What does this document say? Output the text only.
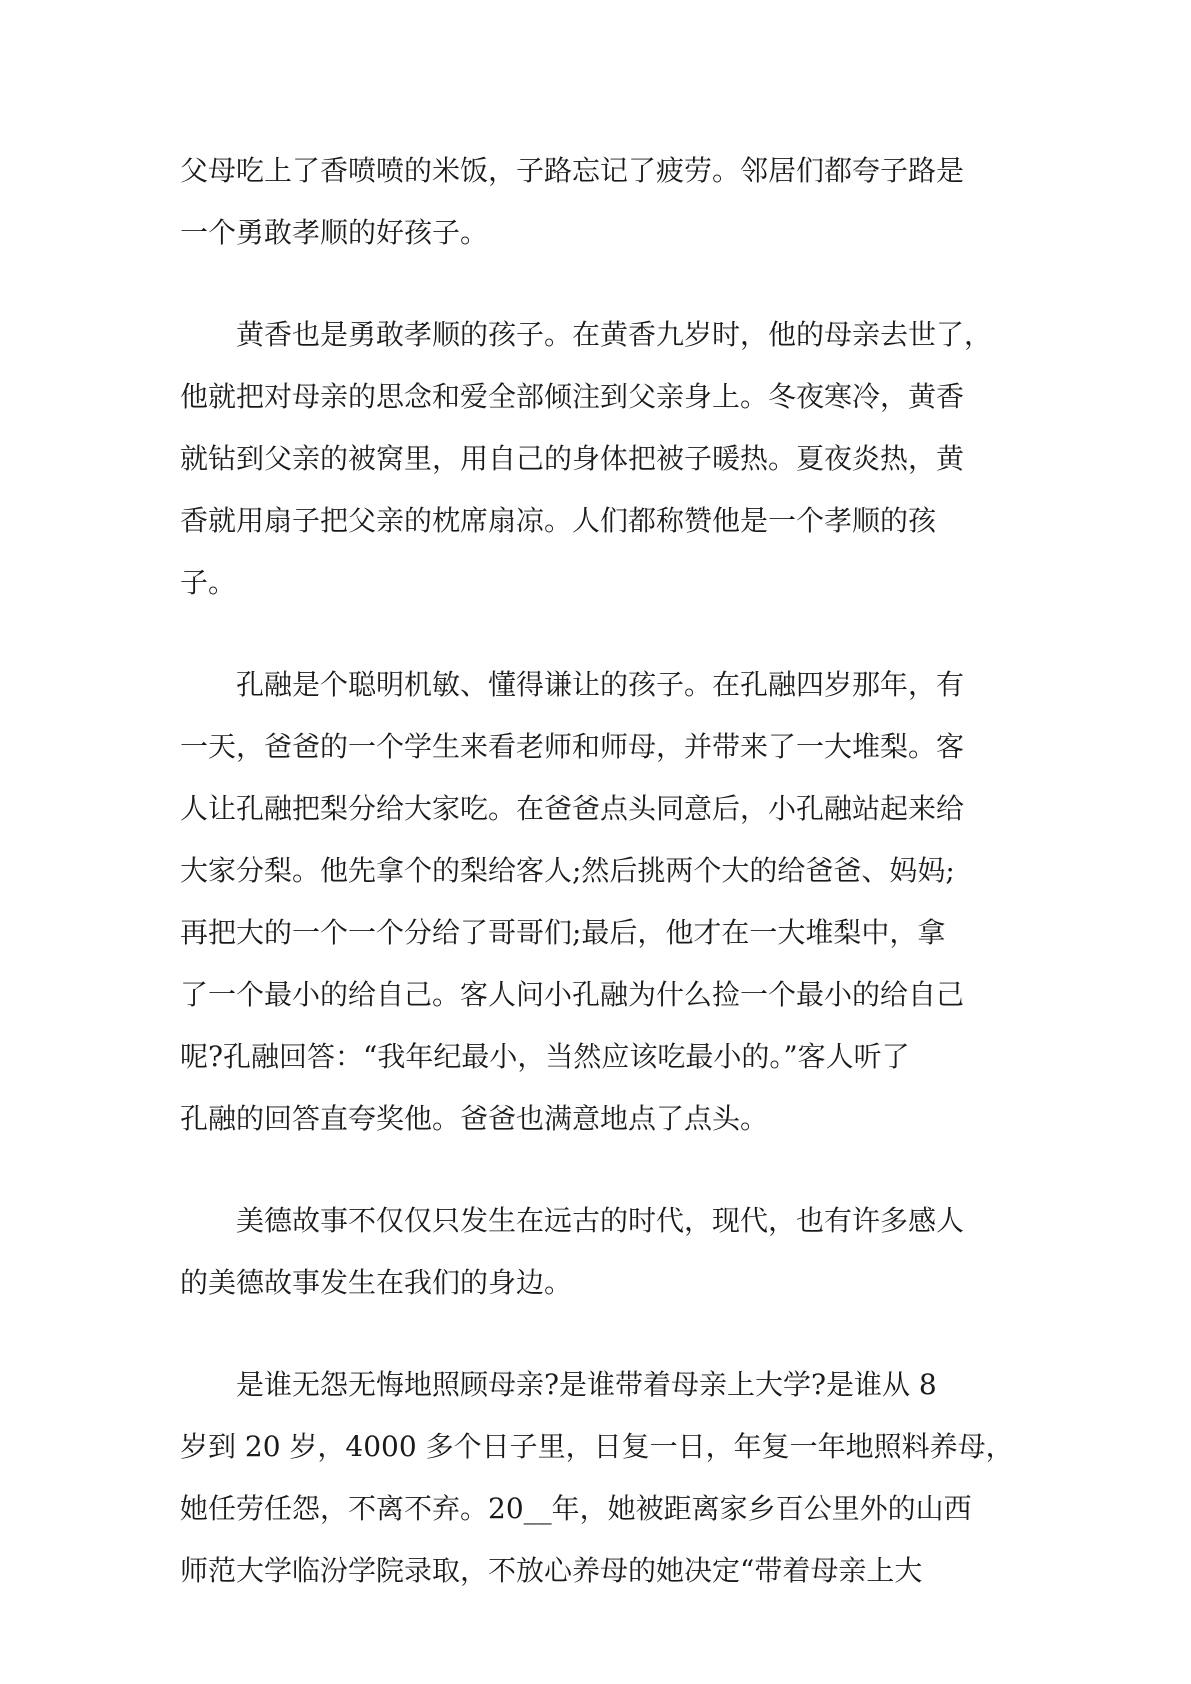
父母吃上了香喷喷的米饭，子路忘记了疲劳。邻居们都夸子路是
一个勇敢孝顺的好孩子。
黄香也是勇敢孝顺的孩子。在黄香九岁时，他的母亲去世了，
他就把对母亲的思念和爱全部倾注到父亲身上。冬夜寒冷，黄香
就钻到父亲的被窝里，用自己的身体把被子暖热。夏夜炎热，黄
香就用扇子把父亲的枕席扇凉。人们都称赞他是一个孝顺的孩
子。
孔融是个聪明机敏、懂得谦让的孩子。在孔融四岁那年，有
一天，爸爸的一个学生来看老师和师母，并带来了一大堆梨。客
人让孔融把梨分给大家吃。在爸爸点头同意后，小孔融站起来给
大家分梨。他先拿个的梨给客人;然后挑两个大的给爸爸、妈妈;
再把大的一个一个分给了哥哥们;最后，他才在一大堆梨中，拿
了一个最小的给自己。客人问小孔融为什么捡一个最小的给自己
呢?孔融回答：“我年纪最小，当然应该吃最小的。”客人听了
孔融的回答直夸奖他。爸爸也满意地点了点头。
美德故事不仅仅只发生在远古的时代，现代，也有许多感人
的美德故事发生在我们的身边。
是谁无怨无悔地照顾母亲?是谁带着母亲上大学?是谁从 8
岁到 20 岁，4000 多个日子里，日复一日，年复一年地照料养母，
她任劳任怨，不离不弃。20__年，她被距离家乡百公里外的山西
师范大学临汾学院录取，不放心养母的她决定“带着母亲上大
